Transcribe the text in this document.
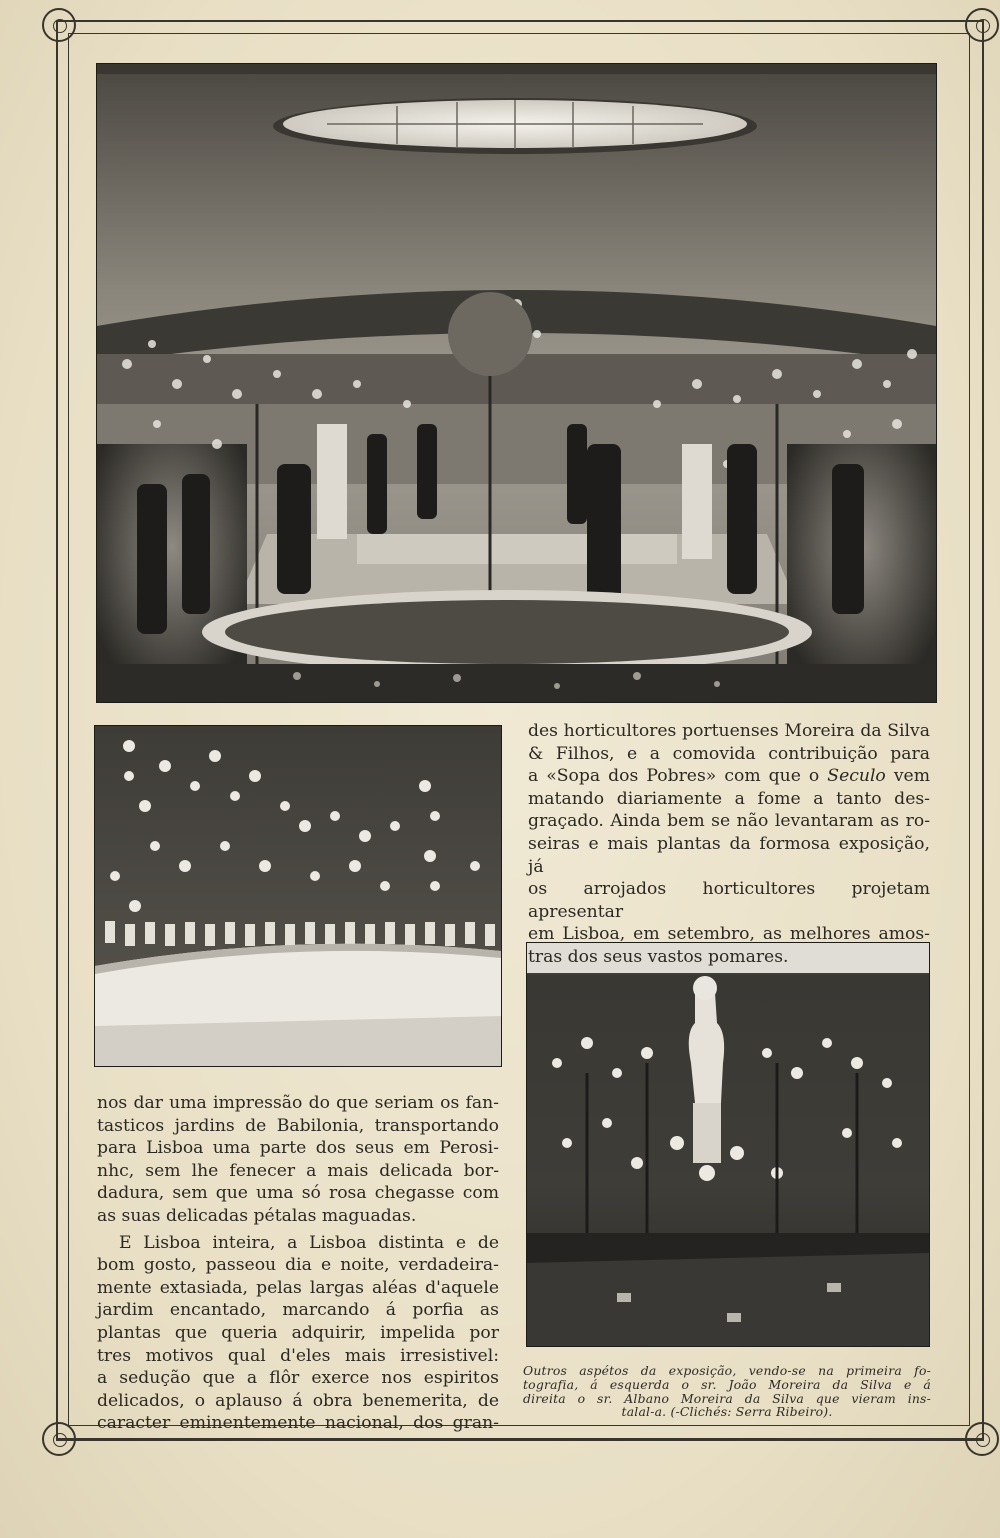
des horticultores portuenses Moreira da Silva

& Filhos, e a comovida contribuição para

a «Sopa dos Pobres» com que o Seculo vem

matando diariamente a fome a tanto des-

graçado. Ainda bem se não levantaram as ro-

seiras e mais plantas da formosa exposição, já

os arrojados horticultores projetam apresentar

em Lisboa, em setembro, as melhores amos-

tras dos seus vastos pomares.

nos dar uma impressão do que seriam os fan-

tasticos jardins de Babilonia, transportando

para Lisboa uma parte dos seus em Perosi-

nhc, sem lhe fenecer a mais delicada bor-

dadura, sem que uma só rosa chegasse com

as suas delicadas pétalas maguadas.

E Lisboa inteira, a Lisboa distinta e de

bom gosto, passeou dia e noite, verdadeira-

mente extasiada, pelas largas aléas d'aquele

jardim encantado, marcando á porfia as

plantas que queria adquirir, impelida por

tres motivos qual d'eles mais irresistivel:

a sedução que a flôr exerce nos espiritos

delicados, o aplauso á obra benemerita, de

caracter eminentemente nacional, dos gran-

Outros aspétos da exposição, vendo-se na primeira fo-

tografia, á esquerda o sr. João Moreira da Silva e á

direita o sr. Albano Moreira da Silva que vieram ins-

talal-a. (-Clichés: Serra Ribeiro).
